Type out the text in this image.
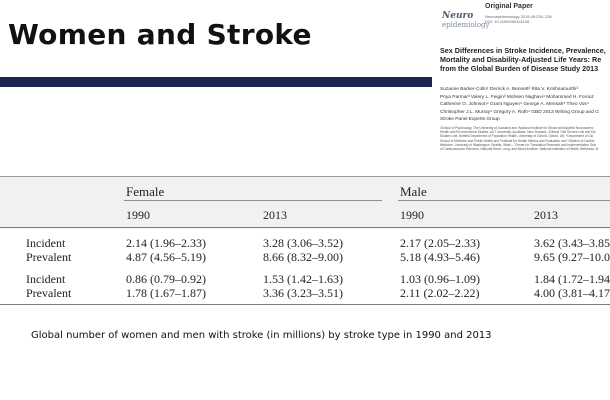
Women and Stroke
Neuro
epidemiology
Original Paper
Neuroepidemiology 2015;45:230–236
DOI: 10.1159/000441106
Sex Differences in Stroke Incidence, Prevalence,
Mortality and Disability-Adjusted Life Years: Re
from the Global Burden of Disease Study 2013
Suzanne Barker-Collo¹ Derrick A. Bennett² Rita V. Krishnamurthi³
Priya Parmar³ Valery L. Feigin³ Mohsen Naghavi⁴ Mohammed H. Forouz
Catherine O. Johnson⁴ Grant Nguyen⁴ George A. Mensah⁵ Theo Vos⁴
Christopher J.L. Murray⁴ Gregory A. Roth⁴ GBD 2013 Writing Group and G
Stroke Panel Experts Group
¹School of Psychology, The University of Auckland and ²National Institute for Stroke and Applied Neuroscienc
Health and Environmental Studies, AUT University, Auckland, New Zealand; ³Clinical Trial Service Unit and Epi
Studies Unit, Nuffield Department of Population Health, University of Oxford, Oxford, UK; ⁴Department of Glo
School of Medicine and Public Health and ⁵Institute for Health Metrics and Evaluation and ⁶Division of Cardiol
Medicine, University of Washington, Seattle, Wash.; ⁷Center for Translation Research and Implementation Scie
of Cardiovascular Sciences, National Heart, Lung, and Blood Institute, National Institutes of Health, Bethesda, M
Female	Male
1990	2013	1990	2013
Incident	2.14 (1.96–2.33)	3.28 (3.06–3.52)	2.17 (2.05–2.33)	3.62 (3.43–3.85
Prevalent	4.87 (4.56–5.19)	8.66 (8.32–9.00)	5.18 (4.93–5.46)	9.65 (9.27–10.0
Incident	0.86 (0.79–0.92)	1.53 (1.42–1.63)	1.03 (0.96–1.09)	1.84 (1.72–1.94
Prevalent	1.78 (1.67–1.87)	3.36 (3.23–3.51)	2.11 (2.02–2.22)	4.00 (3.81–4.17
Global number of women and men with stroke (in millions) by stroke type in 1990 and 2013
